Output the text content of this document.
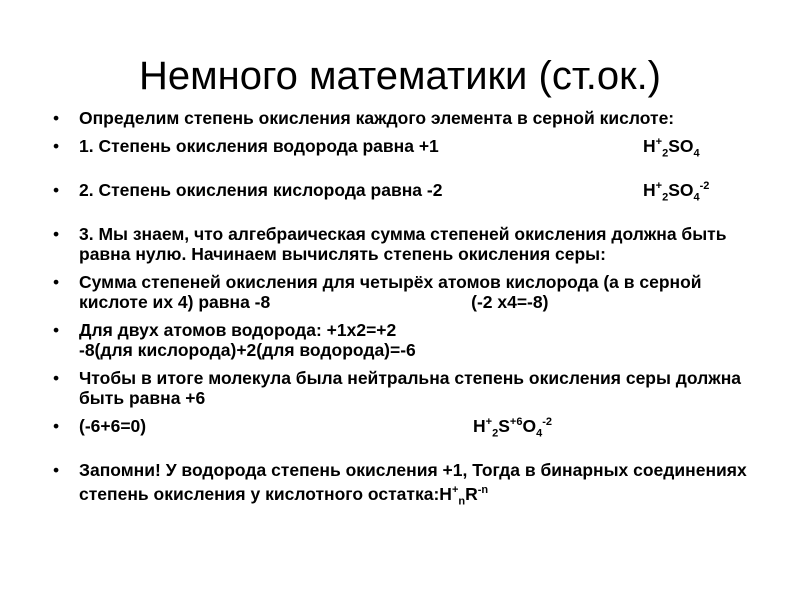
Немного математики (ст.ок.)
• Определим степень окисления каждого элемента в серной кислоте:
• 1. Степень окисления водорода равна +1	$H^+_2SO_4$
• 2. Степень окисления кислорода равна -2	$H^+_2SO_4^{-2}$
• 3. Мы знаем, что алгебраическая сумма степеней окисления должна быть равна нулю. Начинаем вычислять степень окисления серы:
• Сумма степеней окисления для четырёх атомов кислорода (а в серной кислоте их 4) равна -8	(-2 x4=-8)
• Для двух атомов водорода: +1x2=+2
-8(для кислорода)+2(для водорода)=-6
• Чтобы в итоге молекула была нейтральна степень окисления серы должна быть равна +6
• (-6+6=0)	$H^+_2S^{+6}O_4^{-2}$
• Запомни! У водорода степень окисления +1, Тогда в бинарных соединениях степень окисления у кислотного $остатка:H^+_nR^{-n}$
